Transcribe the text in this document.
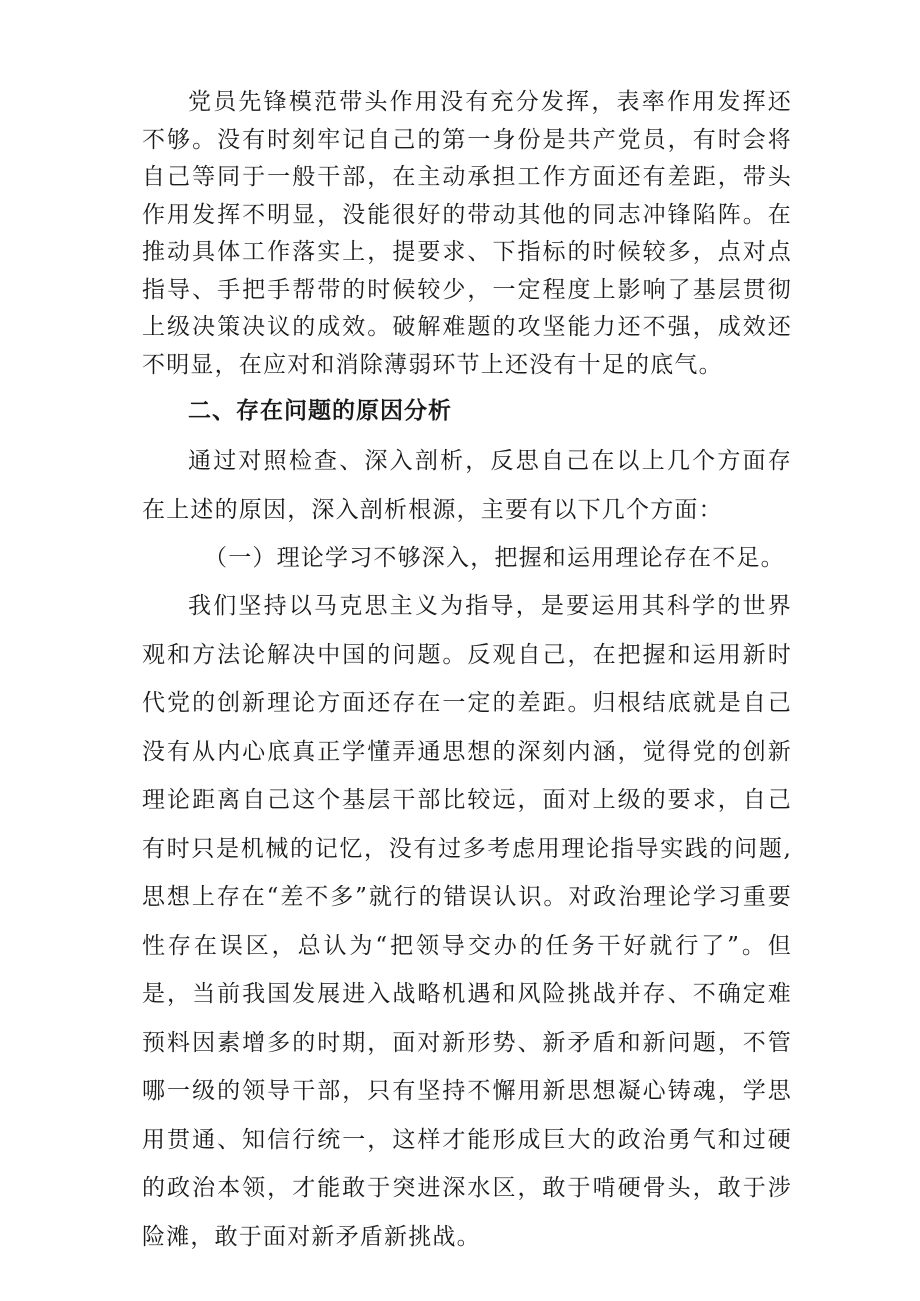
党员先锋模范带头作用没有充分发挥，表率作用发挥还不够。没有时刻牢记自己的第一身份是共产党员，有时会将自己等同于一般干部，在主动承担工作方面还有差距，带头作用发挥不明显，没能很好的带动其他的同志冲锋陷阵。在推动具体工作落实上，提要求、下指标的时候较多，点对点指导、手把手帮带的时候较少，一定程度上影响了基层贯彻上级决策决议的成效。破解难题的攻坚能力还不强，成效还不明显，在应对和消除薄弱环节上还没有十足的底气。

二、存在问题的原因分析

通过对照检查、深入剖析，反思自己在以上几个方面存在上述的原因，深入剖析根源，主要有以下几个方面：

（一）理论学习不够深入，把握和运用理论存在不足。

我们坚持以马克思主义为指导，是要运用其科学的世界观和方法论解决中国的问题。反观自己，在把握和运用新时代党的创新理论方面还存在一定的差距。归根结底就是自己没有从内心底真正学懂弄通思想的深刻内涵，觉得党的创新理论距离自己这个基层干部比较远，面对上级的要求，自己有时只是机械的记忆，没有过多考虑用理论指导实践的问题,思想上存在“差不多”就行的错误认识。对政治理论学习重要性存在误区，总认为“把领导交办的任务干好就行了”。但是，当前我国发展进入战略机遇和风险挑战并存、不确定难预料因素增多的时期，面对新形势、新矛盾和新问题，不管哪一级的领导干部，只有坚持不懈用新思想凝心铸魂，学思用贯通、知信行统一，这样才能形成巨大的政治勇气和过硬的政治本领，才能敢于突进深水区，敢于啃硬骨头，敢于涉险滩，敢于面对新矛盾新挑战。
